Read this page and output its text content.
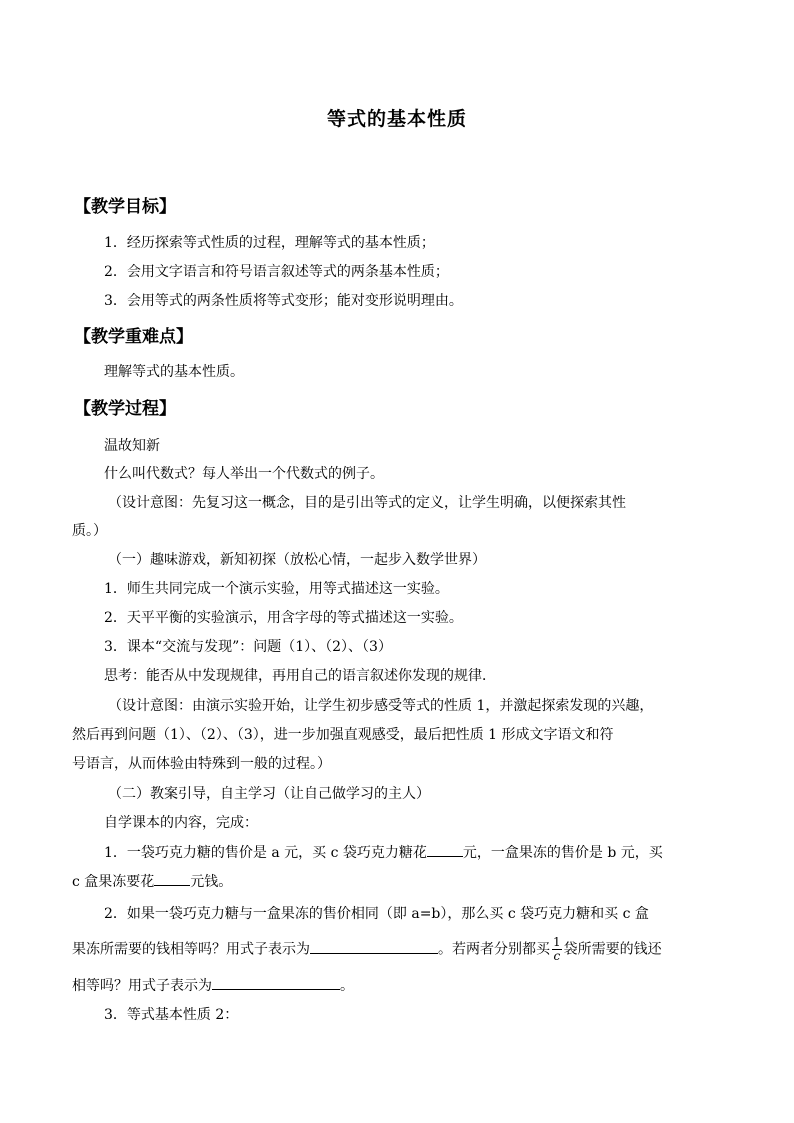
等式的基本性质
【教学目标】
1．经历探索等式性质的过程，理解等式的基本性质；
2．会用文字语言和符号语言叙述等式的两条基本性质；
3．会用等式的两条性质将等式变形；能对变形说明理由。
【教学重难点】
理解等式的基本性质。
【教学过程】
温故知新
什么叫代数式？每人举出一个代数式的例子。
（设计意图：先复习这一概念，目的是引出等式的定义，让学生明确，以便探索其性
质。）
（一）趣味游戏，新知初探（放松心情，一起步入数学世界）
1．师生共同完成一个演示实验，用等式描述这一实验。
2．天平平衡的实验演示，用含字母的等式描述这一实验。
3．课本“交流与发现”：问题（1）、（2）、（3）
思考：能否从中发现规律，再用自己的语言叙述你发现的规律．
（设计意图：由演示实验开始，让学生初步感受等式的性质 1，并激起探索发现的兴趣，
然后再到问题（1）、（2）、（3），进一步加强直观感受，最后把性质 1 形成文字语文和符
号语言，从而体验由特殊到一般的过程。）
（二）教案引导，自主学习（让自己做学习的主人）
自学课本的内容，完成：
1．一袋巧克力糖的售价是 a 元，买 c 袋巧克力糖花	元，一盒果冻的售价是 b 元，买
c 盒果冻要花	元钱。
2．如果一袋巧克力糖与一盒果冻的售价相同（即 a=b），那么买 c 袋巧克力糖和买 c 盒
果冻所需要的钱相等吗？用式子表示为	。若两者分别都买 $\frac{1}{c}$ 袋所需要的钱还
相等吗？用式子表示为	。
3．等式基本性质 2：
